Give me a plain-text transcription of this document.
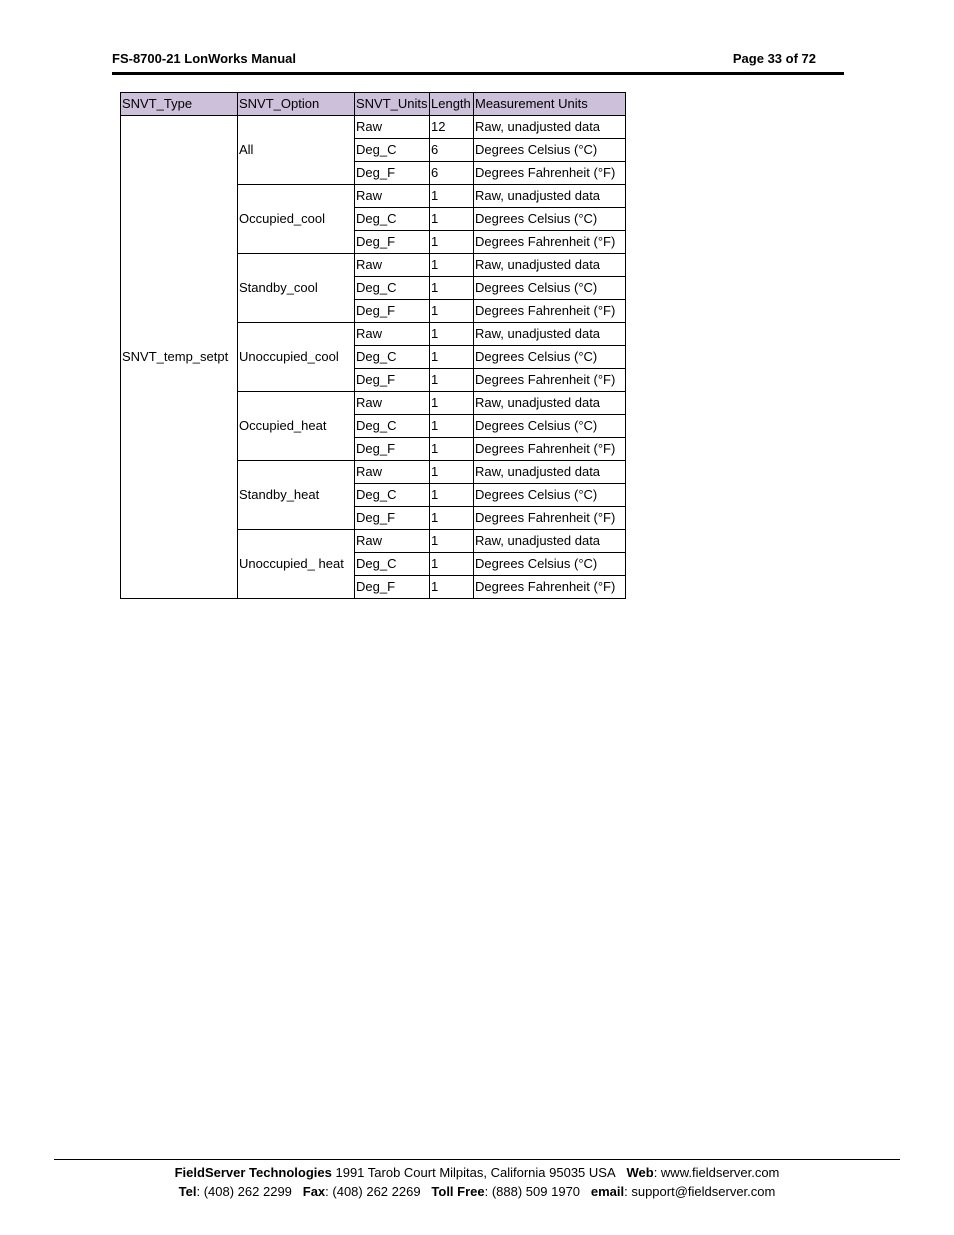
FS-8700-21 LonWorks Manual	Page 33 of 72
SNVT_Type	SNVT_Option	SNVT_Units	Length	Measurement Units
SNVT_temp_setpt	All	Raw	12	Raw, unadjusted data
		Deg_C	6	Degrees Celsius (°C)
		Deg_F	6	Degrees Fahrenheit (°F)
	Occupied_cool	Raw	1	Raw, unadjusted data
		Deg_C	1	Degrees Celsius (°C)
		Deg_F	1	Degrees Fahrenheit (°F)
	Standby_cool	Raw	1	Raw, unadjusted data
		Deg_C	1	Degrees Celsius (°C)
		Deg_F	1	Degrees Fahrenheit (°F)
	Unoccupied_cool	Raw	1	Raw, unadjusted data
		Deg_C	1	Degrees Celsius (°C)
		Deg_F	1	Degrees Fahrenheit (°F)
	Occupied_heat	Raw	1	Raw, unadjusted data
		Deg_C	1	Degrees Celsius (°C)
		Deg_F	1	Degrees Fahrenheit (°F)
	Standby_heat	Raw	1	Raw, unadjusted data
		Deg_C	1	Degrees Celsius (°C)
		Deg_F	1	Degrees Fahrenheit (°F)
	Unoccupied_ heat	Raw	1	Raw, unadjusted data
		Deg_C	1	Degrees Celsius (°C)
		Deg_F	1	Degrees Fahrenheit (°F)
FieldServer Technologies 1991 Tarob Court Milpitas, California 95035 USA Web: www.fieldserver.com
Tel: (408) 262 2299 Fax: (408) 262 2269 Toll Free: (888) 509 1970 email: support@fieldserver.com
